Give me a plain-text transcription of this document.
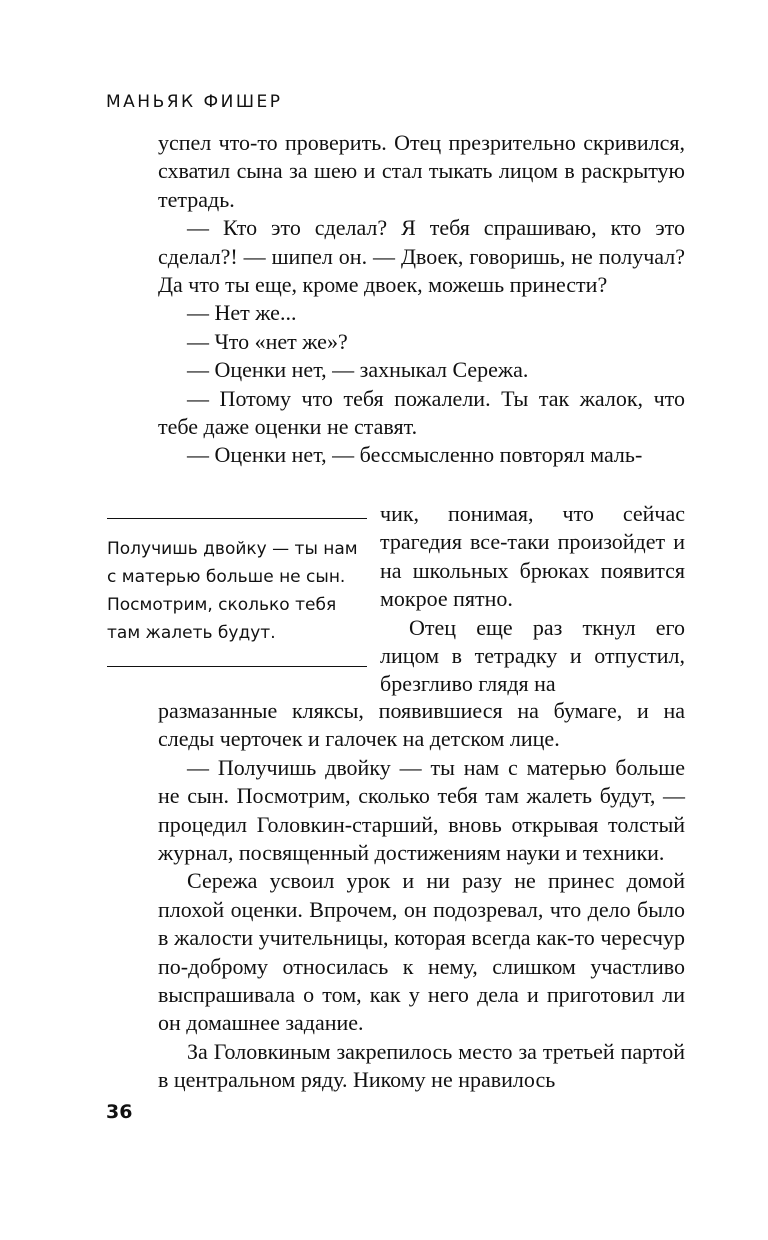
МАНЬЯК ФИШЕР

успел что-то проверить. Отец презрительно скривился, схватил сына за шею и стал тыкать лицом в раскрытую тетрадь.

— Кто это сделал? Я тебя спрашиваю, кто это сделал?! — шипел он. — Двоек, говоришь, не получал? Да что ты еще, кроме двоек, можешь принести?

— Нет же...

— Что «нет же»?

— Оценки нет, — захныкал Сережа.

— Потому что тебя пожалели. Ты так жалок, что тебе даже оценки не ставят.

— Оценки нет, — бессмысленно повторял маль-

Получишь двойку — ты нам
с матерью больше не сын.
Посмотрим, сколько тебя
там жалеть будут.

чик, понимая, что сейчас трагедия все-таки произойдет и на школьных брюках появится мокрое пятно.

Отец еще раз ткнул его лицом в тетрадку и отпустил, брезгливо глядя на

размазанные кляксы, появившиеся на бумаге, и на следы черточек и галочек на детском лице.

— Получишь двойку — ты нам с матерью больше не сын. Посмотрим, сколько тебя там жалеть будут, — процедил Головкин-старший, вновь открывая толстый журнал, посвященный достижениям науки и техники.

Сережа усвоил урок и ни разу не принес домой плохой оценки. Впрочем, он подозревал, что дело было в жалости учительницы, которая всегда как-то чересчур по-доброму относилась к нему, слишком участливо выспрашивала о том, как у него дела и приготовил ли он домашнее задание.

За Головкиным закрепилось место за третьей партой в центральном ряду. Никому не нравилось

36
